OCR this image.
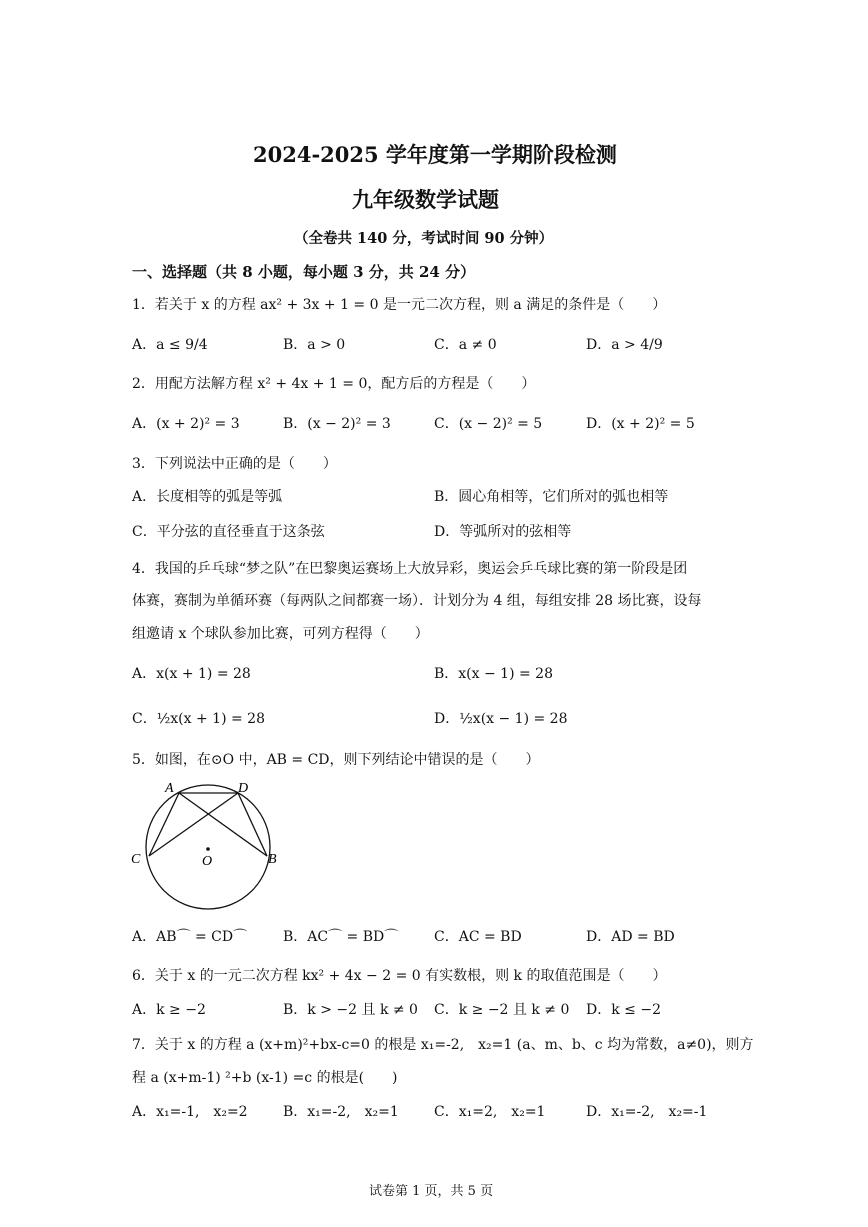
2024-2025 学年度第一学期阶段检测
九年级数学试题
（全卷共 140 分，考试时间 90 分钟）
一、选择题（共 8 小题，每小题 3 分，共 24 分）
1．若关于 x 的方程 ax² + 3x + 1 = 0 是一元二次方程，则 a 满足的条件是（　　）
A．a ≤ 9/4	B．a > 0	C．a ≠ 0	D．a > 4/9
2．用配方法解方程 x² + 4x + 1 = 0，配方后的方程是（　　）
A．(x + 2)² = 3	B．(x − 2)² = 3	C．(x − 2)² = 5	D．(x + 2)² = 5
3．下列说法中正确的是（　　）
A．长度相等的弧是等弧	B．圆心角相等，它们所对的弧也相等
C．平分弦的直径垂直于这条弦	D．等弧所对的弦相等
4．我国的乒乓球“梦之队”在巴黎奥运赛场上大放异彩，奥运会乒乓球比赛的第一阶段是团
体赛，赛制为单循环赛（每两队之间都赛一场）．计划分为 4 组，每组安排 28 场比赛，设每
组邀请 x 个球队参加比赛，可列方程得（　　）
A．x(x + 1) = 28	B．x(x − 1) = 28
C．½x(x + 1) = 28	D．½x(x − 1) = 28
5．如图，在⊙O 中，AB = CD，则下列结论中错误的是（　　）
A	D
C	O	B
A．AB⌒ = CD⌒	B．AC⌒ = BD⌒	C．AC = BD	D．AD = BD
6．关于 x 的一元二次方程 kx² + 4x − 2 = 0 有实数根，则 k 的取值范围是（　　）
A．k ≥ −2	B．k > −2 且 k ≠ 0 C．k ≥ −2 且 k ≠ 0 D．k ≤ −2
7．关于 x 的方程 a (x+m)²+bx-c=0 的根是 x₁=-2,　x₂=1 (a、m、b、c 均为常数，a≠0)，则方
程 a (x+m-1) ²+b (x-1) =c 的根是(　　)
A．x₁=-1,　x₂=2	B．x₁=-2,　x₂=1	C．x₁=2,　x₂=1	D．x₁=-2,　x₂=-1
试卷第 1 页，共 5 页
